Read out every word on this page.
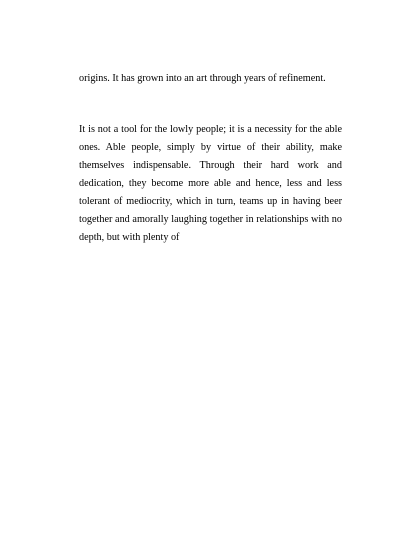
origins. It has grown into an art through years of refinement.
It is not a tool for the lowly people; it is a necessity for the able
ones. Able people, simply by virtue of their ability, make
themselves indispensable. Through their hard work and
dedication, they become more able and hence, less and less
tolerant of mediocrity, which in turn, teams up in having beer
together and amorally laughing together in relationships with no
depth, but with plenty of
